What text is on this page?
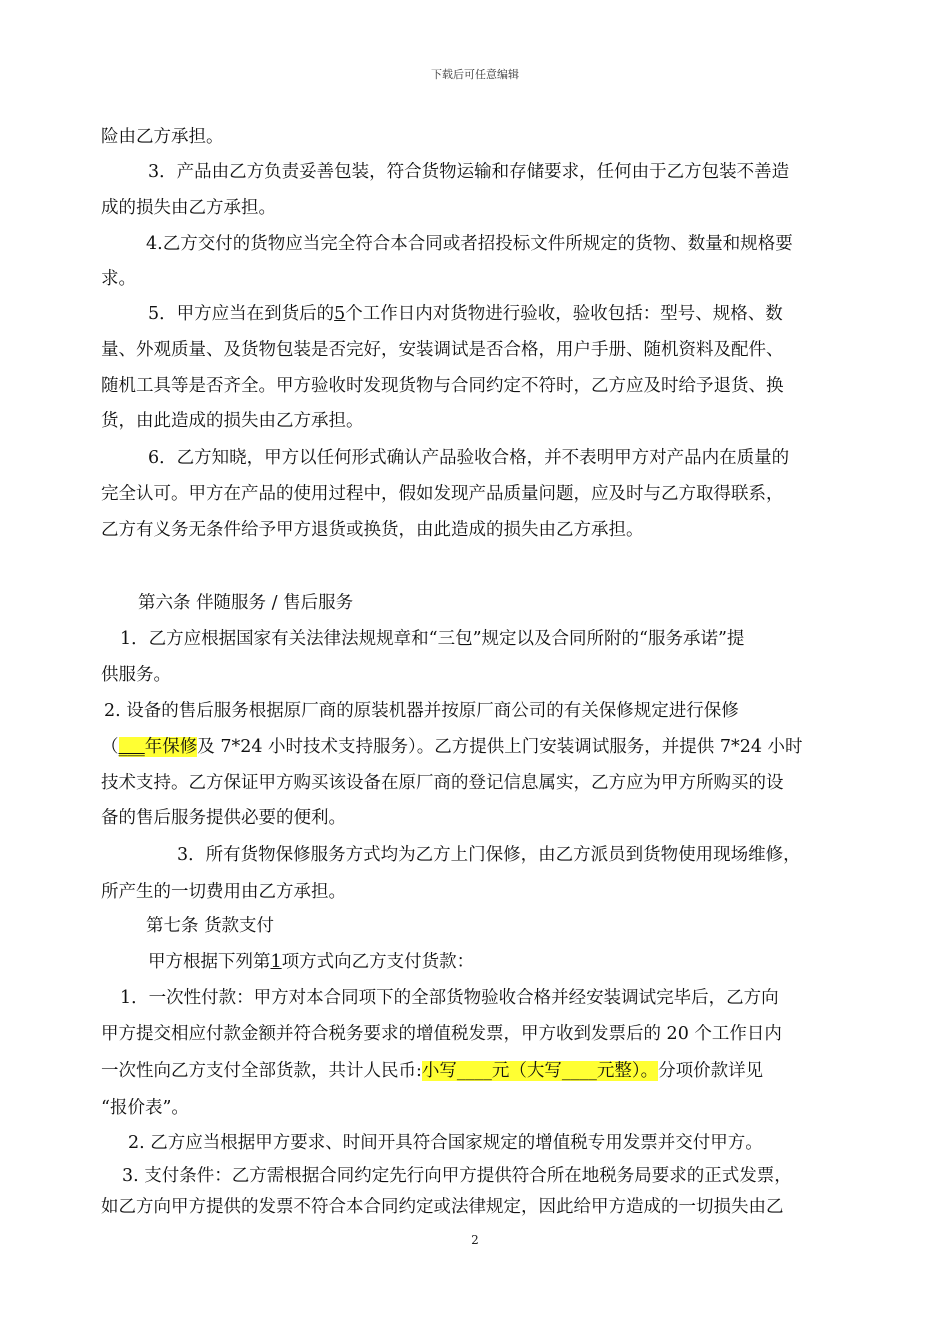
下载后可任意编辑
险由乙方承担。
3．产品由乙方负责妥善包装，符合货物运输和存储要求，任何由于乙方包装不善造
成的损失由乙方承担。
4.乙方交付的货物应当完全符合本合同或者招投标文件所规定的货物、数量和规格要
求。
5．甲方应当在到货后的5个工作日内对货物进行验收，验收包括：型号、规格、数
量、外观质量、及货物包装是否完好，安装调试是否合格，用户手册、随机资料及配件、
随机工具等是否齐全。甲方验收时发现货物与合同约定不符时，乙方应及时给予退货、换
货，由此造成的损失由乙方承担。
6．乙方知晓，甲方以任何形式确认产品验收合格，并不表明甲方对产品内在质量的
完全认可。甲方在产品的使用过程中，假如发现产品质量问题，应及时与乙方取得联系，
乙方有义务无条件给予甲方退货或换货，由此造成的损失由乙方承担。
第六条 伴随服务 / 售后服务
1．乙方应根据国家有关法律法规规章和“三包”规定以及合同所附的“服务承诺”提
供服务。
2. 设备的售后服务根据原厂商的原装机器并按原厂商公司的有关保修规定进行保修
（___年保修及 7*24 小时技术支持服务）。乙方提供上门安装调试服务，并提供 7*24 小时
技术支持。乙方保证甲方购买该设备在原厂商的登记信息属实，乙方应为甲方所购买的设
备的售后服务提供必要的便利。
3．所有货物保修服务方式均为乙方上门保修，由乙方派员到货物使用现场维修，
所产生的一切费用由乙方承担。
第七条 货款支付
甲方根据下列第1项方式向乙方支付货款：
1．一次性付款：甲方对本合同项下的全部货物验收合格并经安装调试完毕后，乙方向
甲方提交相应付款金额并符合税务要求的增值税发票，甲方收到发票后的 20 个工作日内
一次性向乙方支付全部货款，共计人民币:小写____元（大写____元整）。分项价款详见
“报价表”。
2. 乙方应当根据甲方要求、时间开具符合国家规定的增值税专用发票并交付甲方。
3. 支付条件：乙方需根据合同约定先行向甲方提供符合所在地税务局要求的正式发票，
如乙方向甲方提供的发票不符合本合同约定或法律规定，因此给甲方造成的一切损失由乙
2
